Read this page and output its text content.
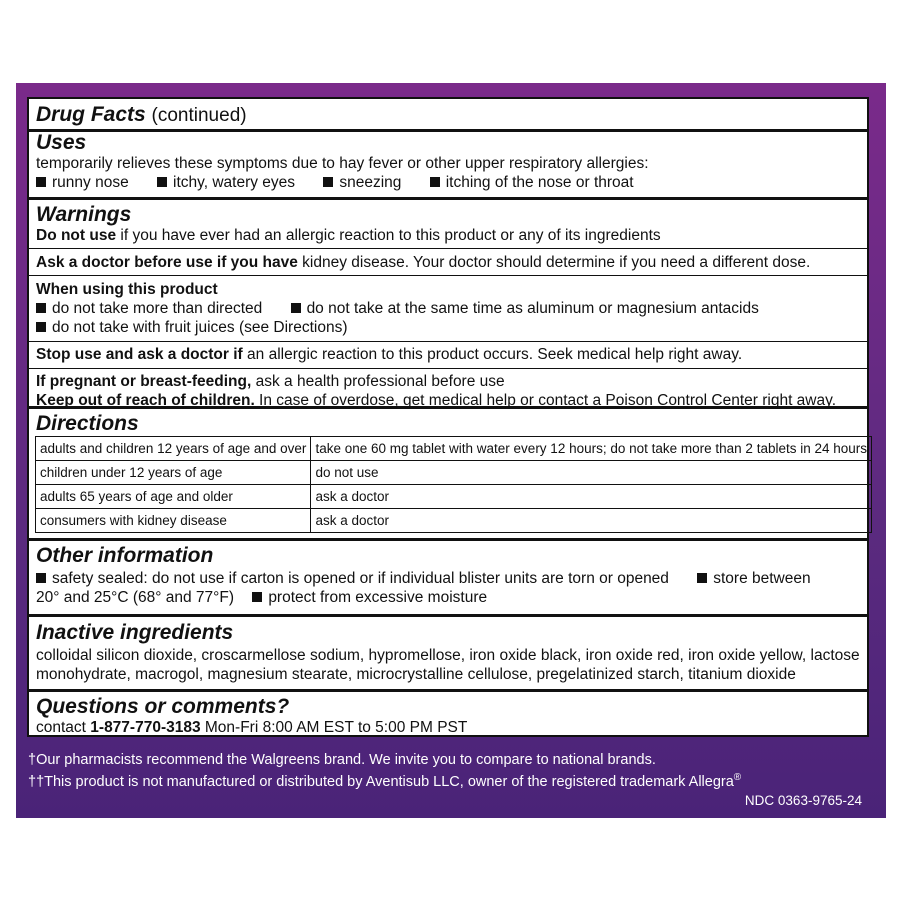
Drug Facts (continued)
Uses
temporarily relieves these symptoms due to hay fever or other upper respiratory allergies:
runny nose	itchy, watery eyes	sneezing	itching of the nose or throat
Warnings
Do not use if you have ever had an allergic reaction to this product or any of its ingredients
Ask a doctor before use if you have kidney disease. Your doctor should determine if you need a different dose.
When using this product
do not take more than directed	do not take at the same time as aluminum or magnesium antacids
do not take with fruit juices (see Directions)
Stop use and ask a doctor if an allergic reaction to this product occurs. Seek medical help right away.
If pregnant or breast-feeding, ask a health professional before use
Keep out of reach of children. In case of overdose, get medical help or contact a Poison Control Center right away.
Directions
adults and children 12 years of age and over	take one 60 mg tablet with water every 12 hours; do not take more than 2 tablets in 24 hours
children under 12 years of age	do not use
adults 65 years of age and older	ask a doctor
consumers with kidney disease	ask a doctor
Other information
safety sealed: do not use if carton is opened or if individual blister units are torn or opened	store between
20° and 25°C (68° and 77°F) protect from excessive moisture
Inactive ingredients
colloidal silicon dioxide, croscarmellose sodium, hypromellose, iron oxide black, iron oxide red, iron oxide yellow, lactose
monohydrate, macrogol, magnesium stearate, microcrystalline cellulose, pregelatinized starch, titanium dioxide
Questions or comments?
contact 1-877-770-3183 Mon-Fri 8:00 AM EST to 5:00 PM PST
†Our pharmacists recommend the Walgreens brand. We invite you to compare to national brands.
††This product is not manufactured or distributed by Aventisub LLC, owner of the registered trademark Allegra®
NDC 0363-9765-24
